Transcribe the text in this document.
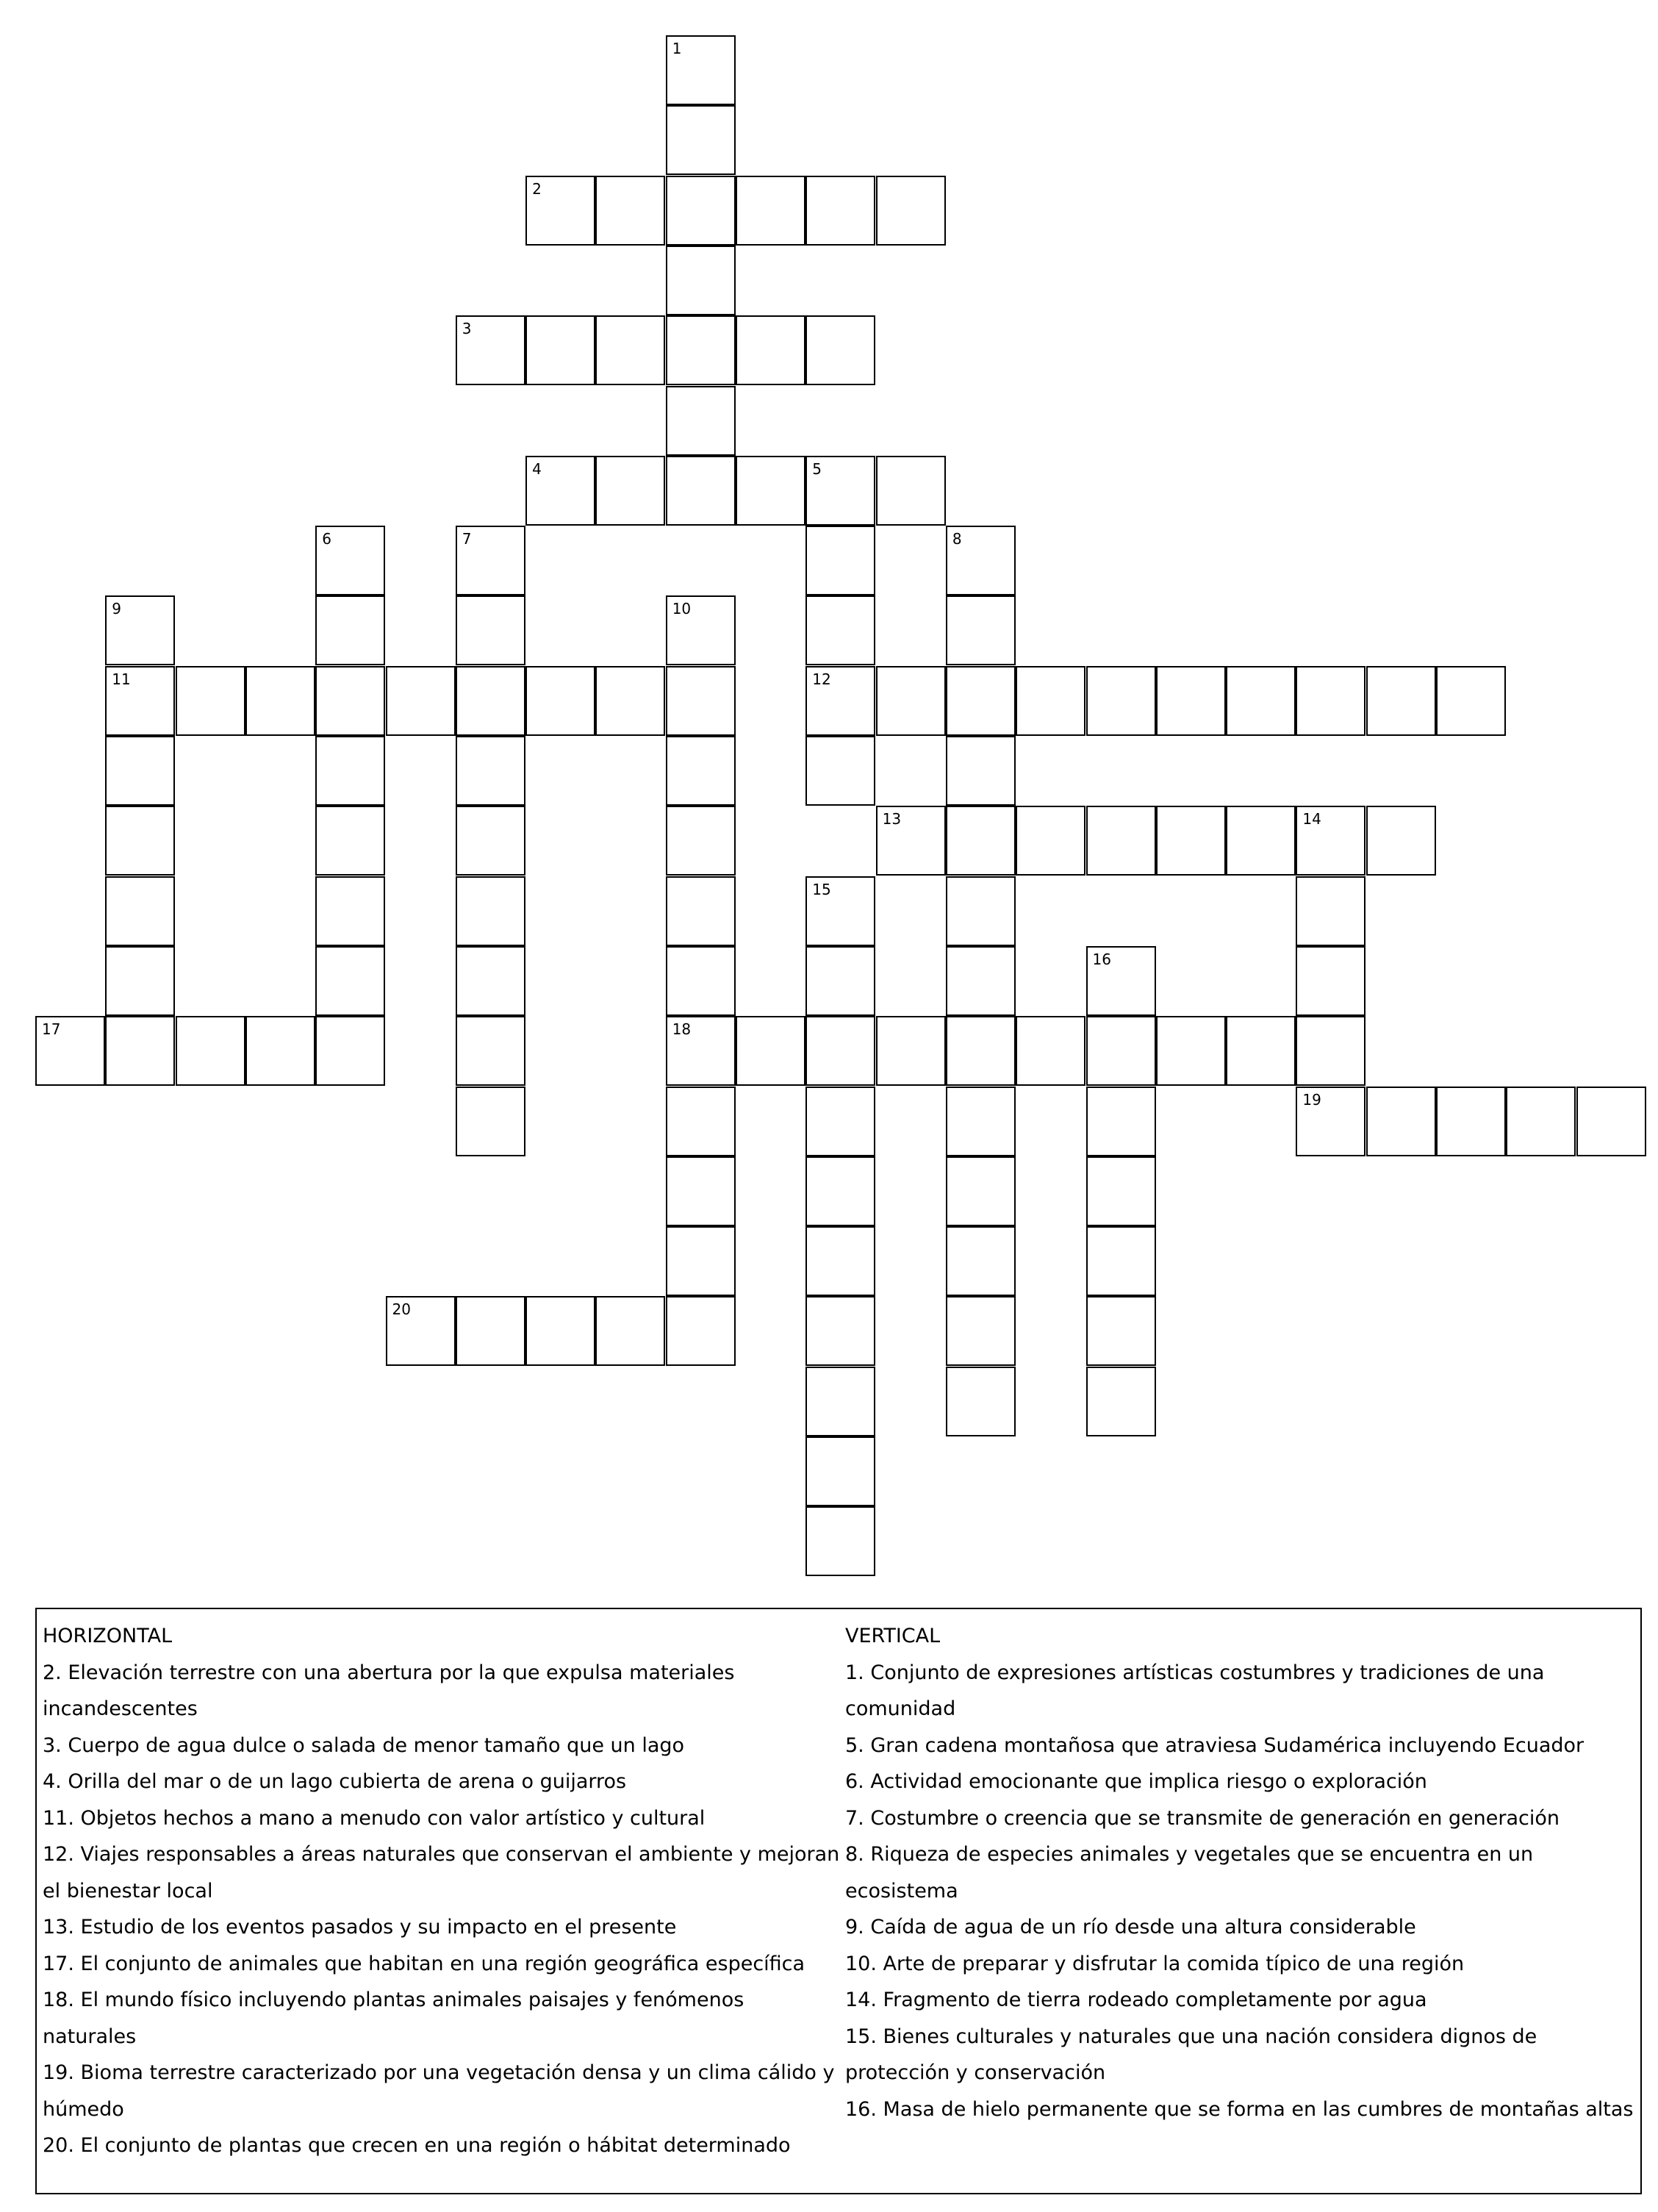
1
2
3
4	5
12
6	7	8
9
11
10
18
13	14
15
16
17
19
20
HORIZONTAL
2. Elevación terrestre con una abertura por la que expulsa materiales
incandescentes
3. Cuerpo de agua dulce o salada de menor tamaño que un lago
4. Orilla del mar o de un lago cubierta de arena o guijarros
11. Objetos hechos a mano a menudo con valor artístico y cultural
12. Viajes responsables a áreas naturales que conservan el ambiente y mejoran
el bienestar local
13. Estudio de los eventos pasados y su impacto en el presente
17. El conjunto de animales que habitan en una región geográfica específica
18. El mundo físico incluyendo plantas animales paisajes y fenómenos
naturales
19. Bioma terrestre caracterizado por una vegetación densa y un clima cálido y
húmedo
20. El conjunto de plantas que crecen en una región o hábitat determinado
VERTICAL
1. Conjunto de expresiones artísticas costumbres y tradiciones de una
comunidad
5. Gran cadena montañosa que atraviesa Sudamérica incluyendo Ecuador
6. Actividad emocionante que implica riesgo o exploración
7. Costumbre o creencia que se transmite de generación en generación
8. Riqueza de especies animales y vegetales que se encuentra en un ecosistema
9. Caída de agua de un río desde una altura considerable
10. Arte de preparar y disfrutar la comida típico de una región
14. Fragmento de tierra rodeado completamente por agua
15. Bienes culturales y naturales que una nación considera dignos de
protección y conservación
16. Masa de hielo permanente que se forma en las cumbres de montañas altas
